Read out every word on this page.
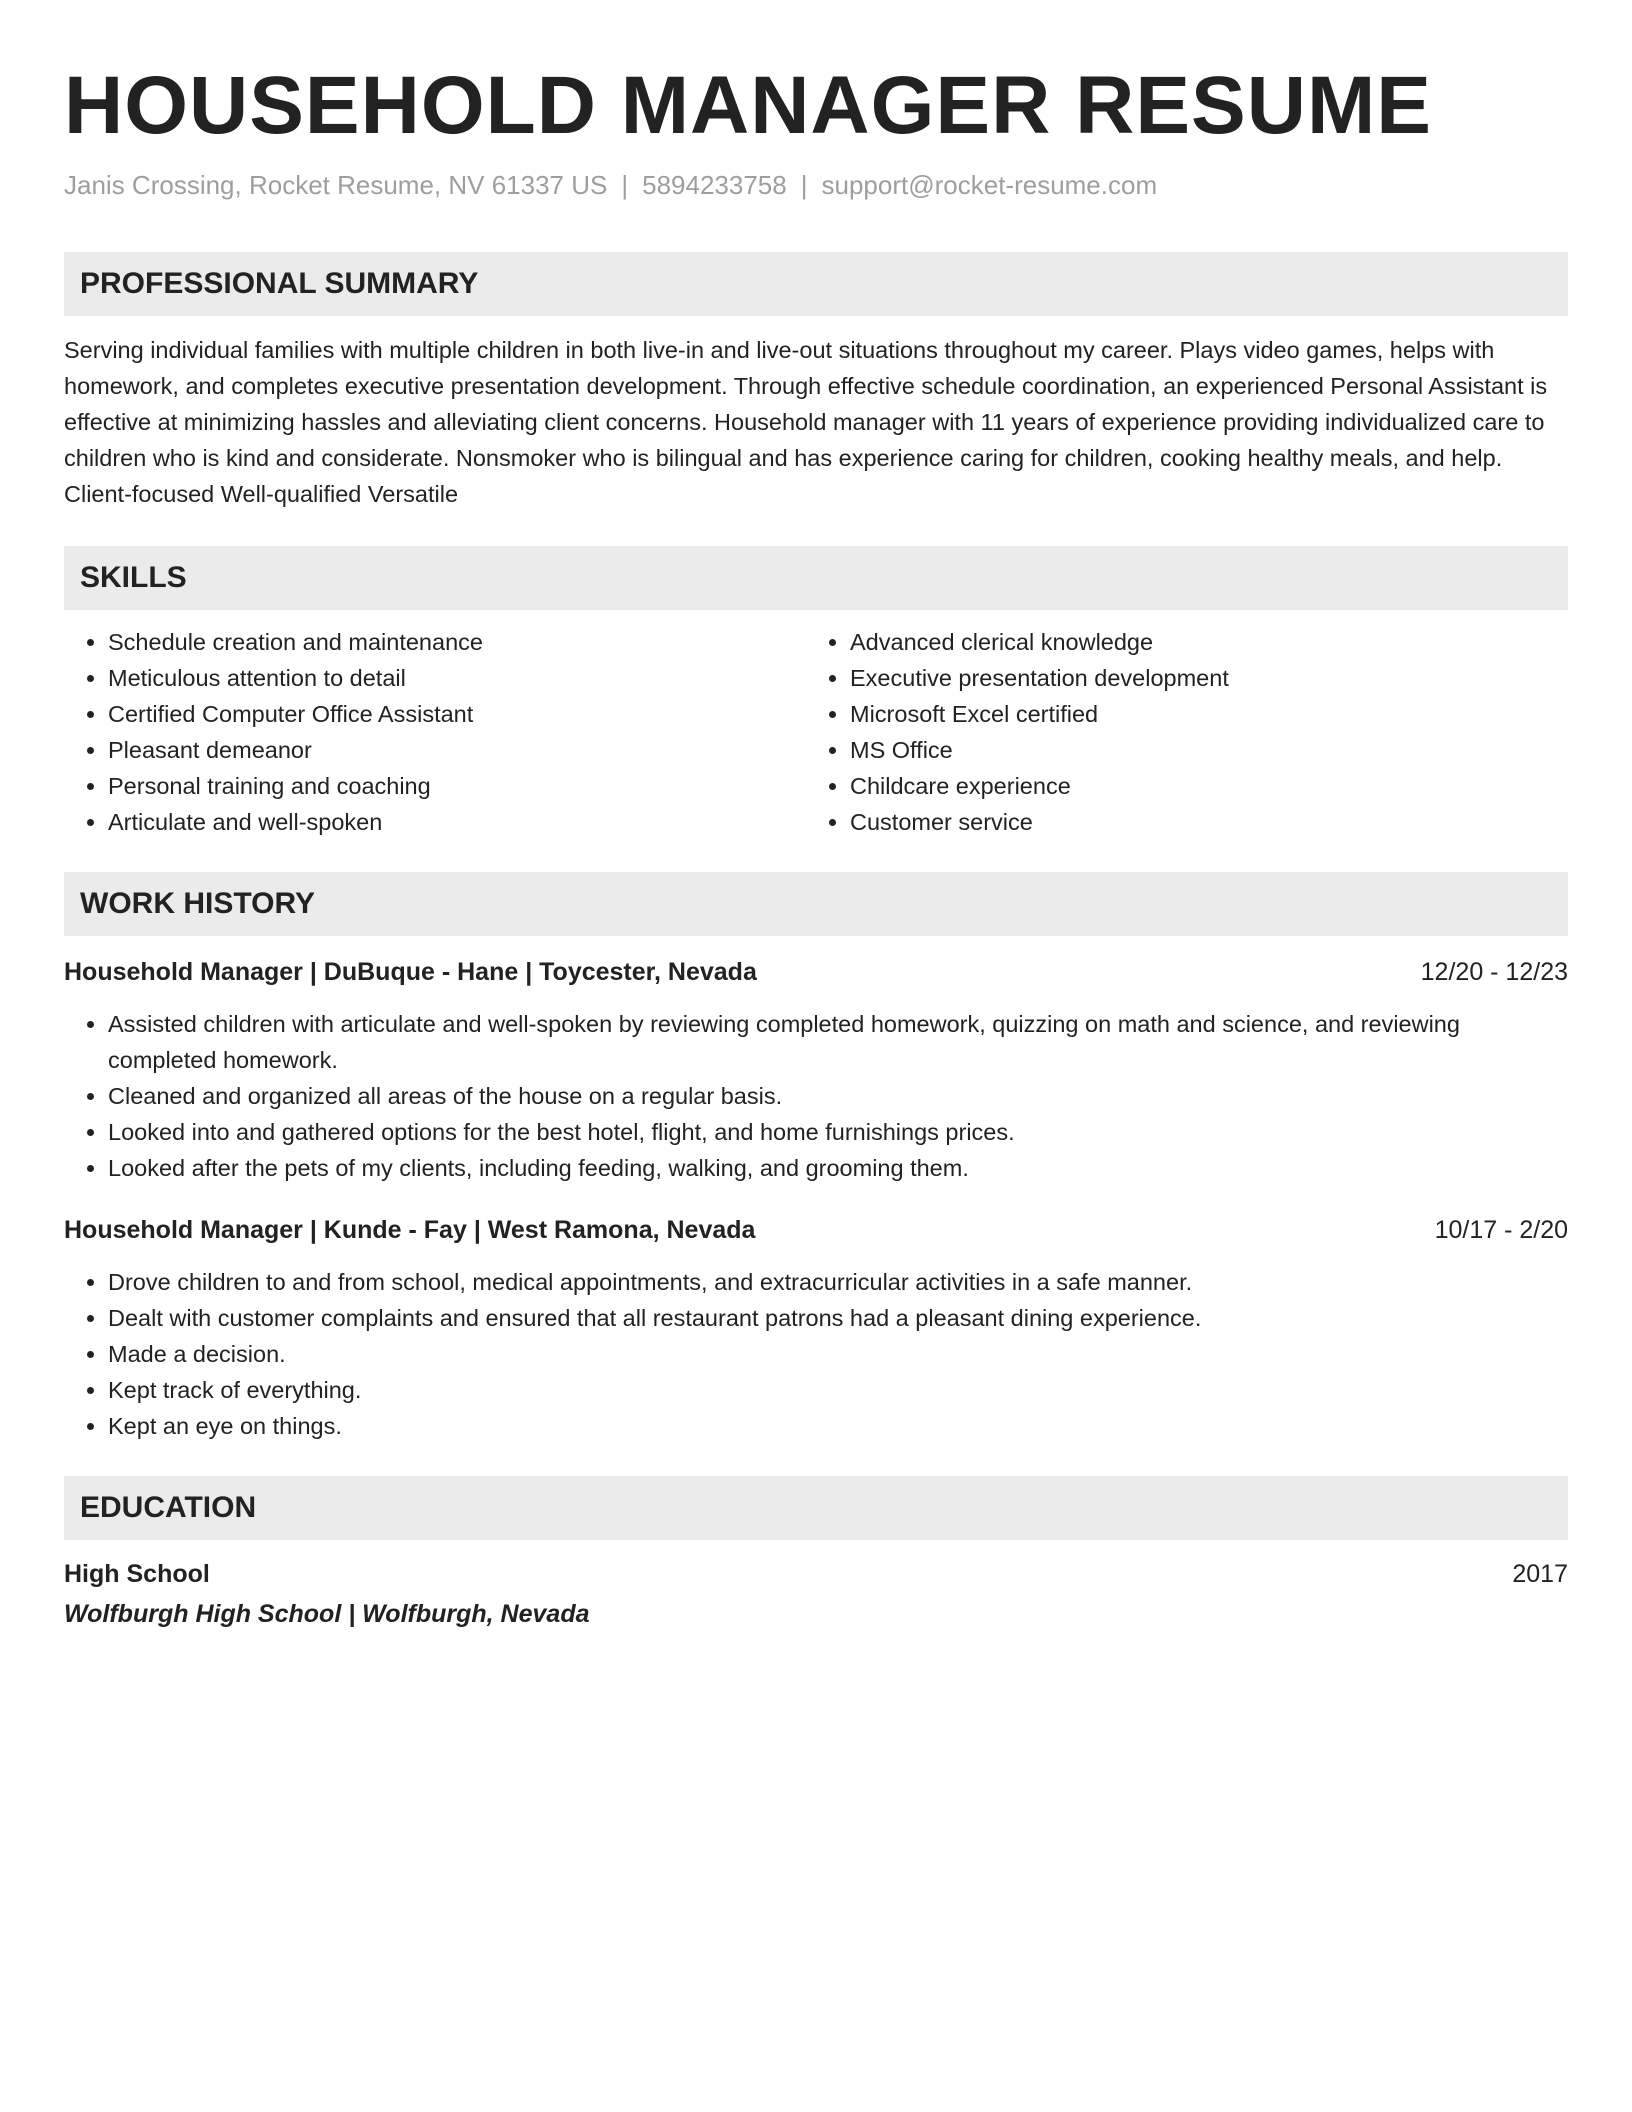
HOUSEHOLD MANAGER RESUME
Janis Crossing, Rocket Resume, NV 61337 US | 5894233758 | support@rocket-resume.com
PROFESSIONAL SUMMARY

Serving individual families with multiple children in both live-in and live-out situations throughout my career. Plays video games, helps with homework, and completes executive presentation development. Through effective schedule coordination, an experienced Personal Assistant is effective at minimizing hassles and alleviating client concerns. Household manager with 11 years of experience providing individualized care to children who is kind and considerate. Nonsmoker who is bilingual and has experience caring for children, cooking healthy meals, and help. Client-focused Well-qualified Versatile

SKILLS
• Schedule creation and maintenance
• Meticulous attention to detail
• Certified Computer Office Assistant
• Pleasant demeanor
• Personal training and coaching
• Articulate and well-spoken
• Advanced clerical knowledge
• Executive presentation development
• Microsoft Excel certified
• MS Office
• Childcare experience
• Customer service
WORK HISTORY
Household Manager | DuBuque - Hane | Toycester, Nevada	12/20 - 12/23
• Assisted children with articulate and well-spoken by reviewing completed homework, quizzing on math and science, and reviewing completed homework.
• Cleaned and organized all areas of the house on a regular basis.
• Looked into and gathered options for the best hotel, flight, and home furnishings prices.
• Looked after the pets of my clients, including feeding, walking, and grooming them.
Household Manager | Kunde - Fay | West Ramona, Nevada	10/17 - 2/20
• Drove children to and from school, medical appointments, and extracurricular activities in a safe manner.
• Dealt with customer complaints and ensured that all restaurant patrons had a pleasant dining experience.
• Made a decision.
• Kept track of everything.
• Kept an eye on things.
EDUCATION
High School	2017
Wolfburgh High School | Wolfburgh, Nevada
